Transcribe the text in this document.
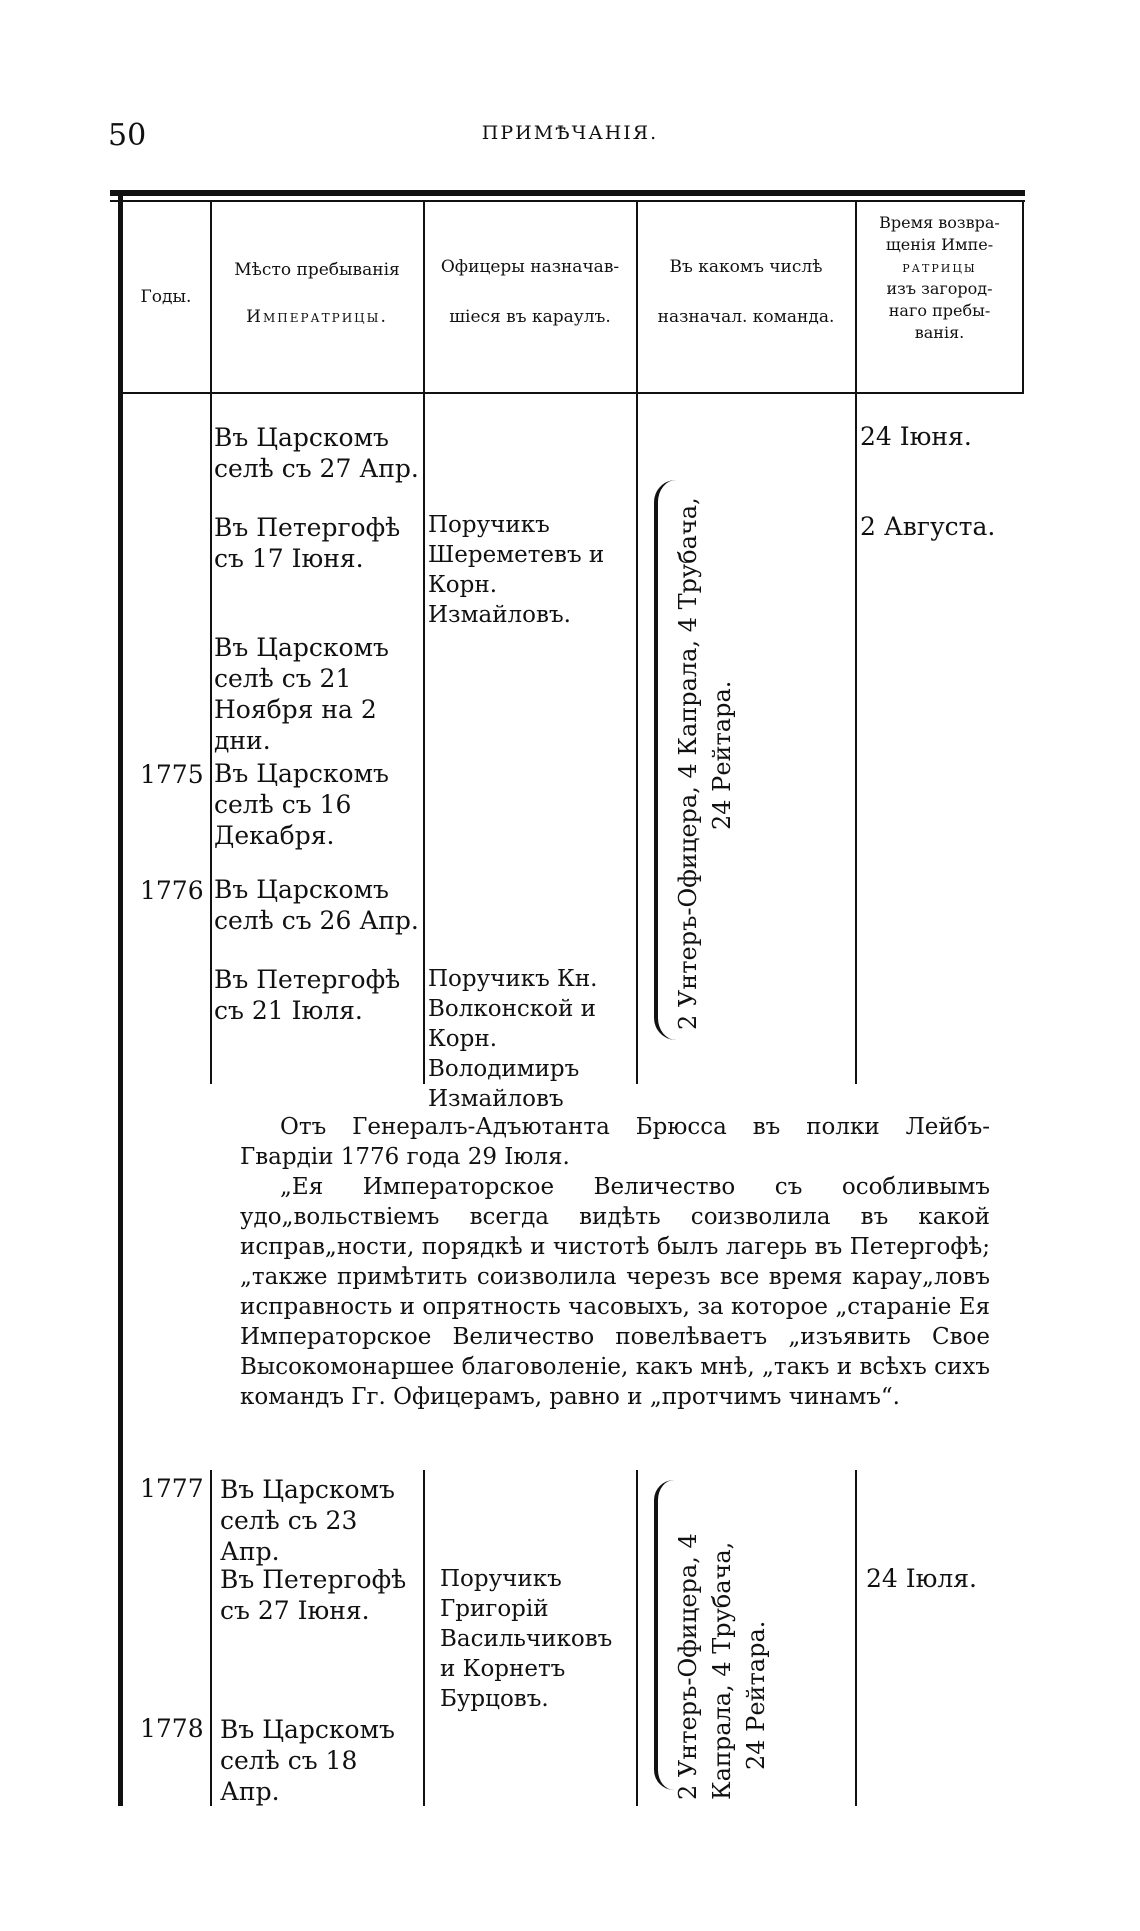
50	ПРИМѢЧАНІЯ.
Годы.
Мѣсто пребыванія
Императрицы.
Офицеры назначав-
шіеся въ караулъ.
Въ какомъ числѣ
назначал. команда.
Время возвра-
щенія Импе-
ратрицы
изъ загород-
наго пребы-
ванія.
Въ Царскомъ селѣ съ 27 Апр.
Въ Петергофѣ съ 17 Іюня.
Въ Царскомъ селѣ съ 21 Ноября на 2 дни.
Въ Царскомъ селѣ съ 16 Декабря.
Въ Царскомъ селѣ съ 26 Апр.
Въ Петергофѣ съ 21 Іюля.
1775
1776
Поручикъ Шереметевъ и Корн. Измайловъ.
Поручикъ Кн. Волконской и Корн. Володимиръ Измайловъ
2 Унтеръ-Офицера, 4 Капрала, 4 Трубача, 24 Рейтара.
24 Іюня.
2 Августа.

Отъ Генералъ-Адъютанта Брюсса въ полки Лейбъ-Гвардіи 1776 года 29 Іюля.

„Ея Императорское Величество съ особливымъ удо„вольствіемъ всегда видѣть соизволила въ какой исправ„ности, порядкѣ и чистотѣ былъ лагерь въ Петергофѣ; „также примѣтить соизволила черезъ все время карау„ловъ исправность и опрятность часовыхъ, за которое „стараніе Ея Императорское Величество повелѣваетъ „изъявить Свое Высокомонаршее благоволеніе, какъ мнѣ, „такъ и всѣхъ сихъ командъ Гг. Офицерамъ, равно и „протчимъ чинамъ“.

1777
1778
Въ Царскомъ селѣ съ 23 Апр.
Въ Петергофѣ съ 27 Іюня.
Въ Царскомъ селѣ съ 18 Апр.
Поручикъ Григорій Васильчиковъ и Корнетъ Бурцовъ.	2 Унтеръ-Офицера, 4 Капрала, 4 Трубача, 24 Рейтара.
24 Іюля.
